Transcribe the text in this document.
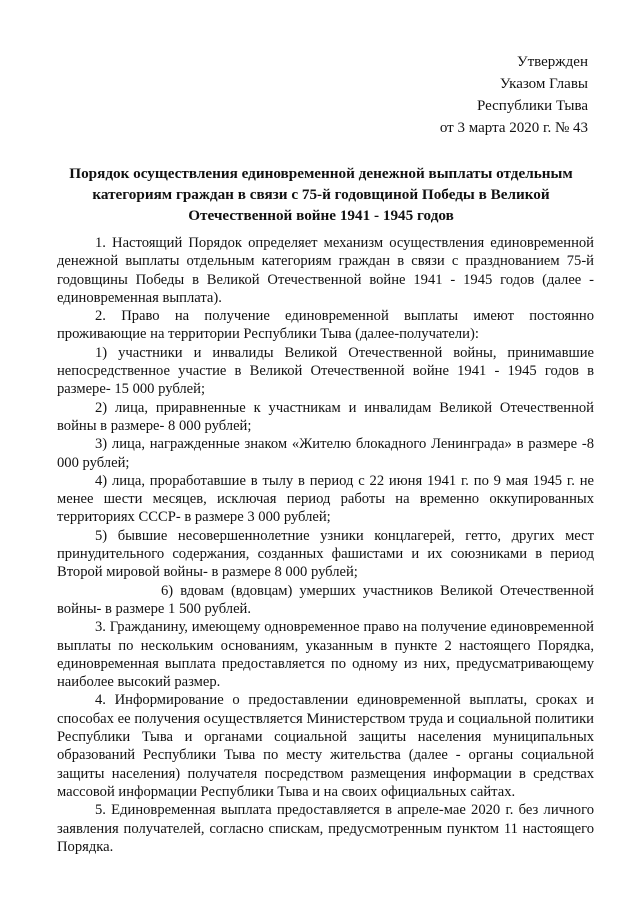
Утвержден
Указом Главы
Республики Тыва
от 3 марта 2020 г. № 43
Порядок осуществления единовременной денежной выплаты отдельным
категориям граждан в связи с 75-й годовщиной Победы в Великой
Отечественной войне 1941 - 1945 годов

1. Настоящий Порядок определяет механизм осуществления единовременной денежной выплаты отдельным категориям граждан в связи с празднованием 75-й годовщины Победы в Великой Отечественной войне 1941 - 1945 годов (далее - единовременная выплата).

2. Право на получение единовременной выплаты имеют постоянно проживающие на территории Республики Тыва (далее-получатели):

1) участники и инвалиды Великой Отечественной войны, принимавшие непосредственное участие в Великой Отечественной войне 1941 - 1945 годов в размере- 15 000 рублей;

2) лица, приравненные к участникам и инвалидам Великой Отечественной войны в размере- 8 000 рублей;

3) лица, награжденные знаком «Жителю блокадного Ленинграда» в размере -8 000 рублей;

4) лица, проработавшие в тылу в период с 22 июня 1941 г. по 9 мая 1945 г. не менее шести месяцев, исключая период работы на временно оккупированных территориях СССР- в размере 3 000 рублей;

5) бывшие несовершеннолетние узники концлагерей, гетто, других мест принудительного содержания, созданных фашистами и их союзниками в период Второй мировой войны- в размере 8 000 рублей;

6) вдовам (вдовцам) умерших участников Великой Отечественной войны- в размере 1 500 рублей.

3. Гражданину, имеющему одновременное право на получение единовременной выплаты по нескольким основаниям, указанным в пункте 2 настоящего Порядка, единовременная выплата предоставляется по одному из них, предусматривающему наиболее высокий размер.

4. Информирование о предоставлении единовременной выплаты, сроках и способах ее получения осуществляется Министерством труда и социальной политики Республики Тыва и органами социальной защиты населения муниципальных образований Республики Тыва по месту жительства (далее - органы социальной защиты населения) получателя посредством размещения информации в средствах массовой информации Республики Тыва и на своих официальных сайтах.

5. Единовременная выплата предоставляется в апреле-мае 2020 г. без личного заявления получателей, согласно спискам, предусмотренным пунктом 11 настоящего Порядка.
